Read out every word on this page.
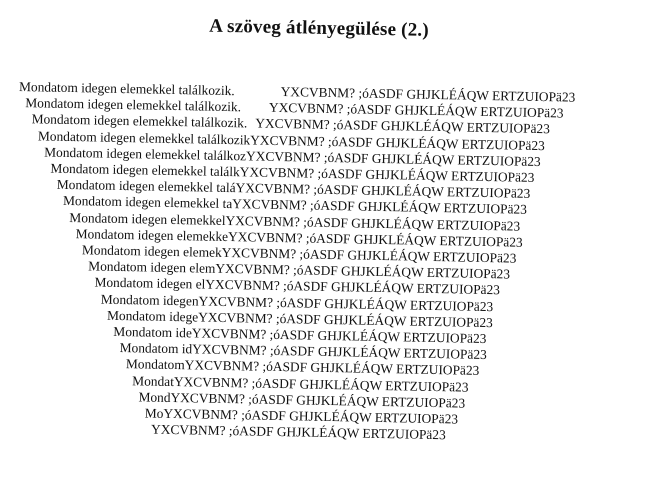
A szöveg átlényegülése (2.)
Mondatom idegen elemekkel találkozik.	YXCVBNM? ;óASDF GHJKLÉÁQW ERTZUIOPä23
Mondatom idegen elemekkel találkozik. YXCVBNM? ;óASDF GHJKLÉÁQW ERTZUIOPä23
Mondatom idegen elemekkel találkozik. YXCVBNM? ;óASDF GHJKLÉÁQW ERTZUIOPä23
Mondatom idegen elemekkel találkozikYXCVBNM? ;óASDF GHJKLÉÁQW ERTZUIOPä23
Mondatom idegen elemekkel találkozYXCVBNM? ;óASDF GHJKLÉÁQW ERTZUIOPä23
Mondatom idegen elemekkel találkYXCVBNM? ;óASDF GHJKLÉÁQW ERTZUIOPä23
Mondatom idegen elemekkel taláYXCVBNM? ;óASDF GHJKLÉÁQW ERTZUIOPä23
Mondatom idegen elemekkel taYXCVBNM? ;óASDF GHJKLÉÁQW ERTZUIOPä23
Mondatom idegen elemekkelYXCVBNM? ;óASDF GHJKLÉÁQW ERTZUIOPä23
Mondatom idegen elemekkeYXCVBNM? ;óASDF GHJKLÉÁQW ERTZUIOPä23
Mondatom idegen elemekYXCVBNM? ;óASDF GHJKLÉÁQW ERTZUIOPä23
Mondatom idegen elemYXCVBNM? ;óASDF GHJKLÉÁQW ERTZUIOPä23
Mondatom idegen elYXCVBNM? ;óASDF GHJKLÉÁQW ERTZUIOPä23
Mondatom idegenYXCVBNM? ;óASDF GHJKLÉÁQW ERTZUIOPä23
Mondatom idegeYXCVBNM? ;óASDF GHJKLÉÁQW ERTZUIOPä23
Mondatom ideYXCVBNM? ;óASDF GHJKLÉÁQW ERTZUIOPä23
Mondatom idYXCVBNM? ;óASDF GHJKLÉÁQW ERTZUIOPä23
MondatomYXCVBNM? ;óASDF GHJKLÉÁQW ERTZUIOPä23
MondatYXCVBNM? ;óASDF GHJKLÉÁQW ERTZUIOPä23
MondYXCVBNM? ;óASDF GHJKLÉÁQW ERTZUIOPä23
MoYXCVBNM? ;óASDF GHJKLÉÁQW ERTZUIOPä23
YXCVBNM? ;óASDF GHJKLÉÁQW ERTZUIOPä23
